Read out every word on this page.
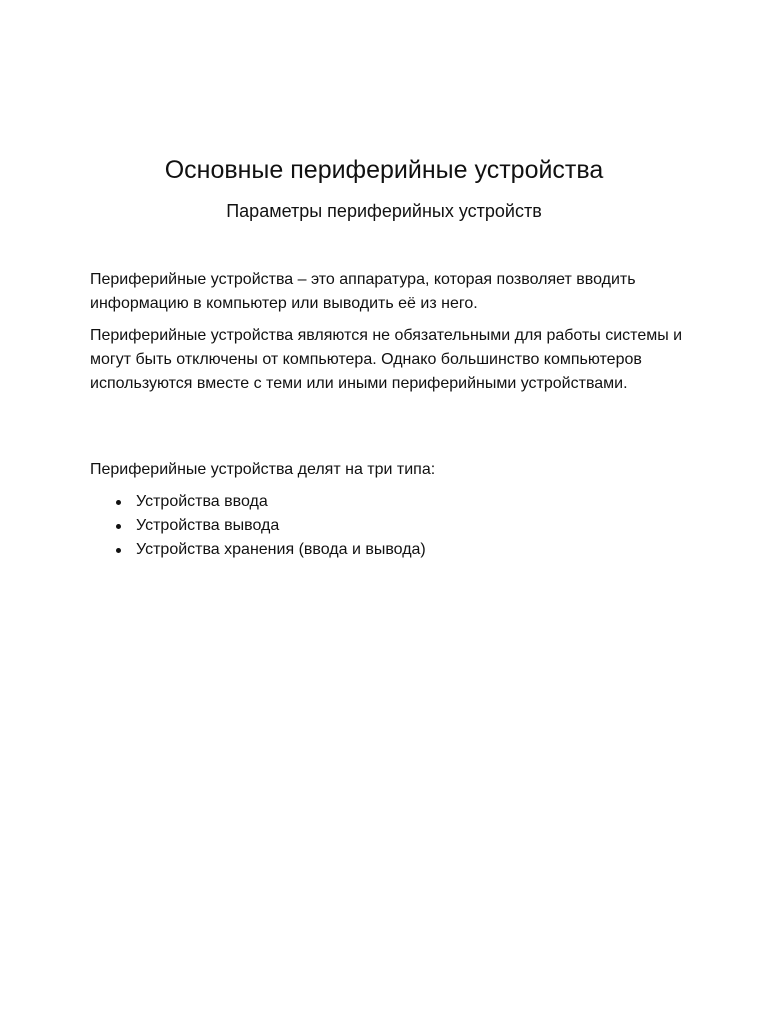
Основные периферийные устройства
Параметры периферийных устройств

Периферийные устройства – это аппаратура, которая позволяет вводить информацию в компьютер или выводить её из него.

Периферийные устройства являются не обязательными для работы системы и могут быть отключены от компьютера. Однако большинство компьютеров используются вместе с теми или иными периферийными устройствами.

Периферийные устройства делят на три типа:

Устройства ввода
Устройства вывода
Устройства хранения (ввода и вывода)
